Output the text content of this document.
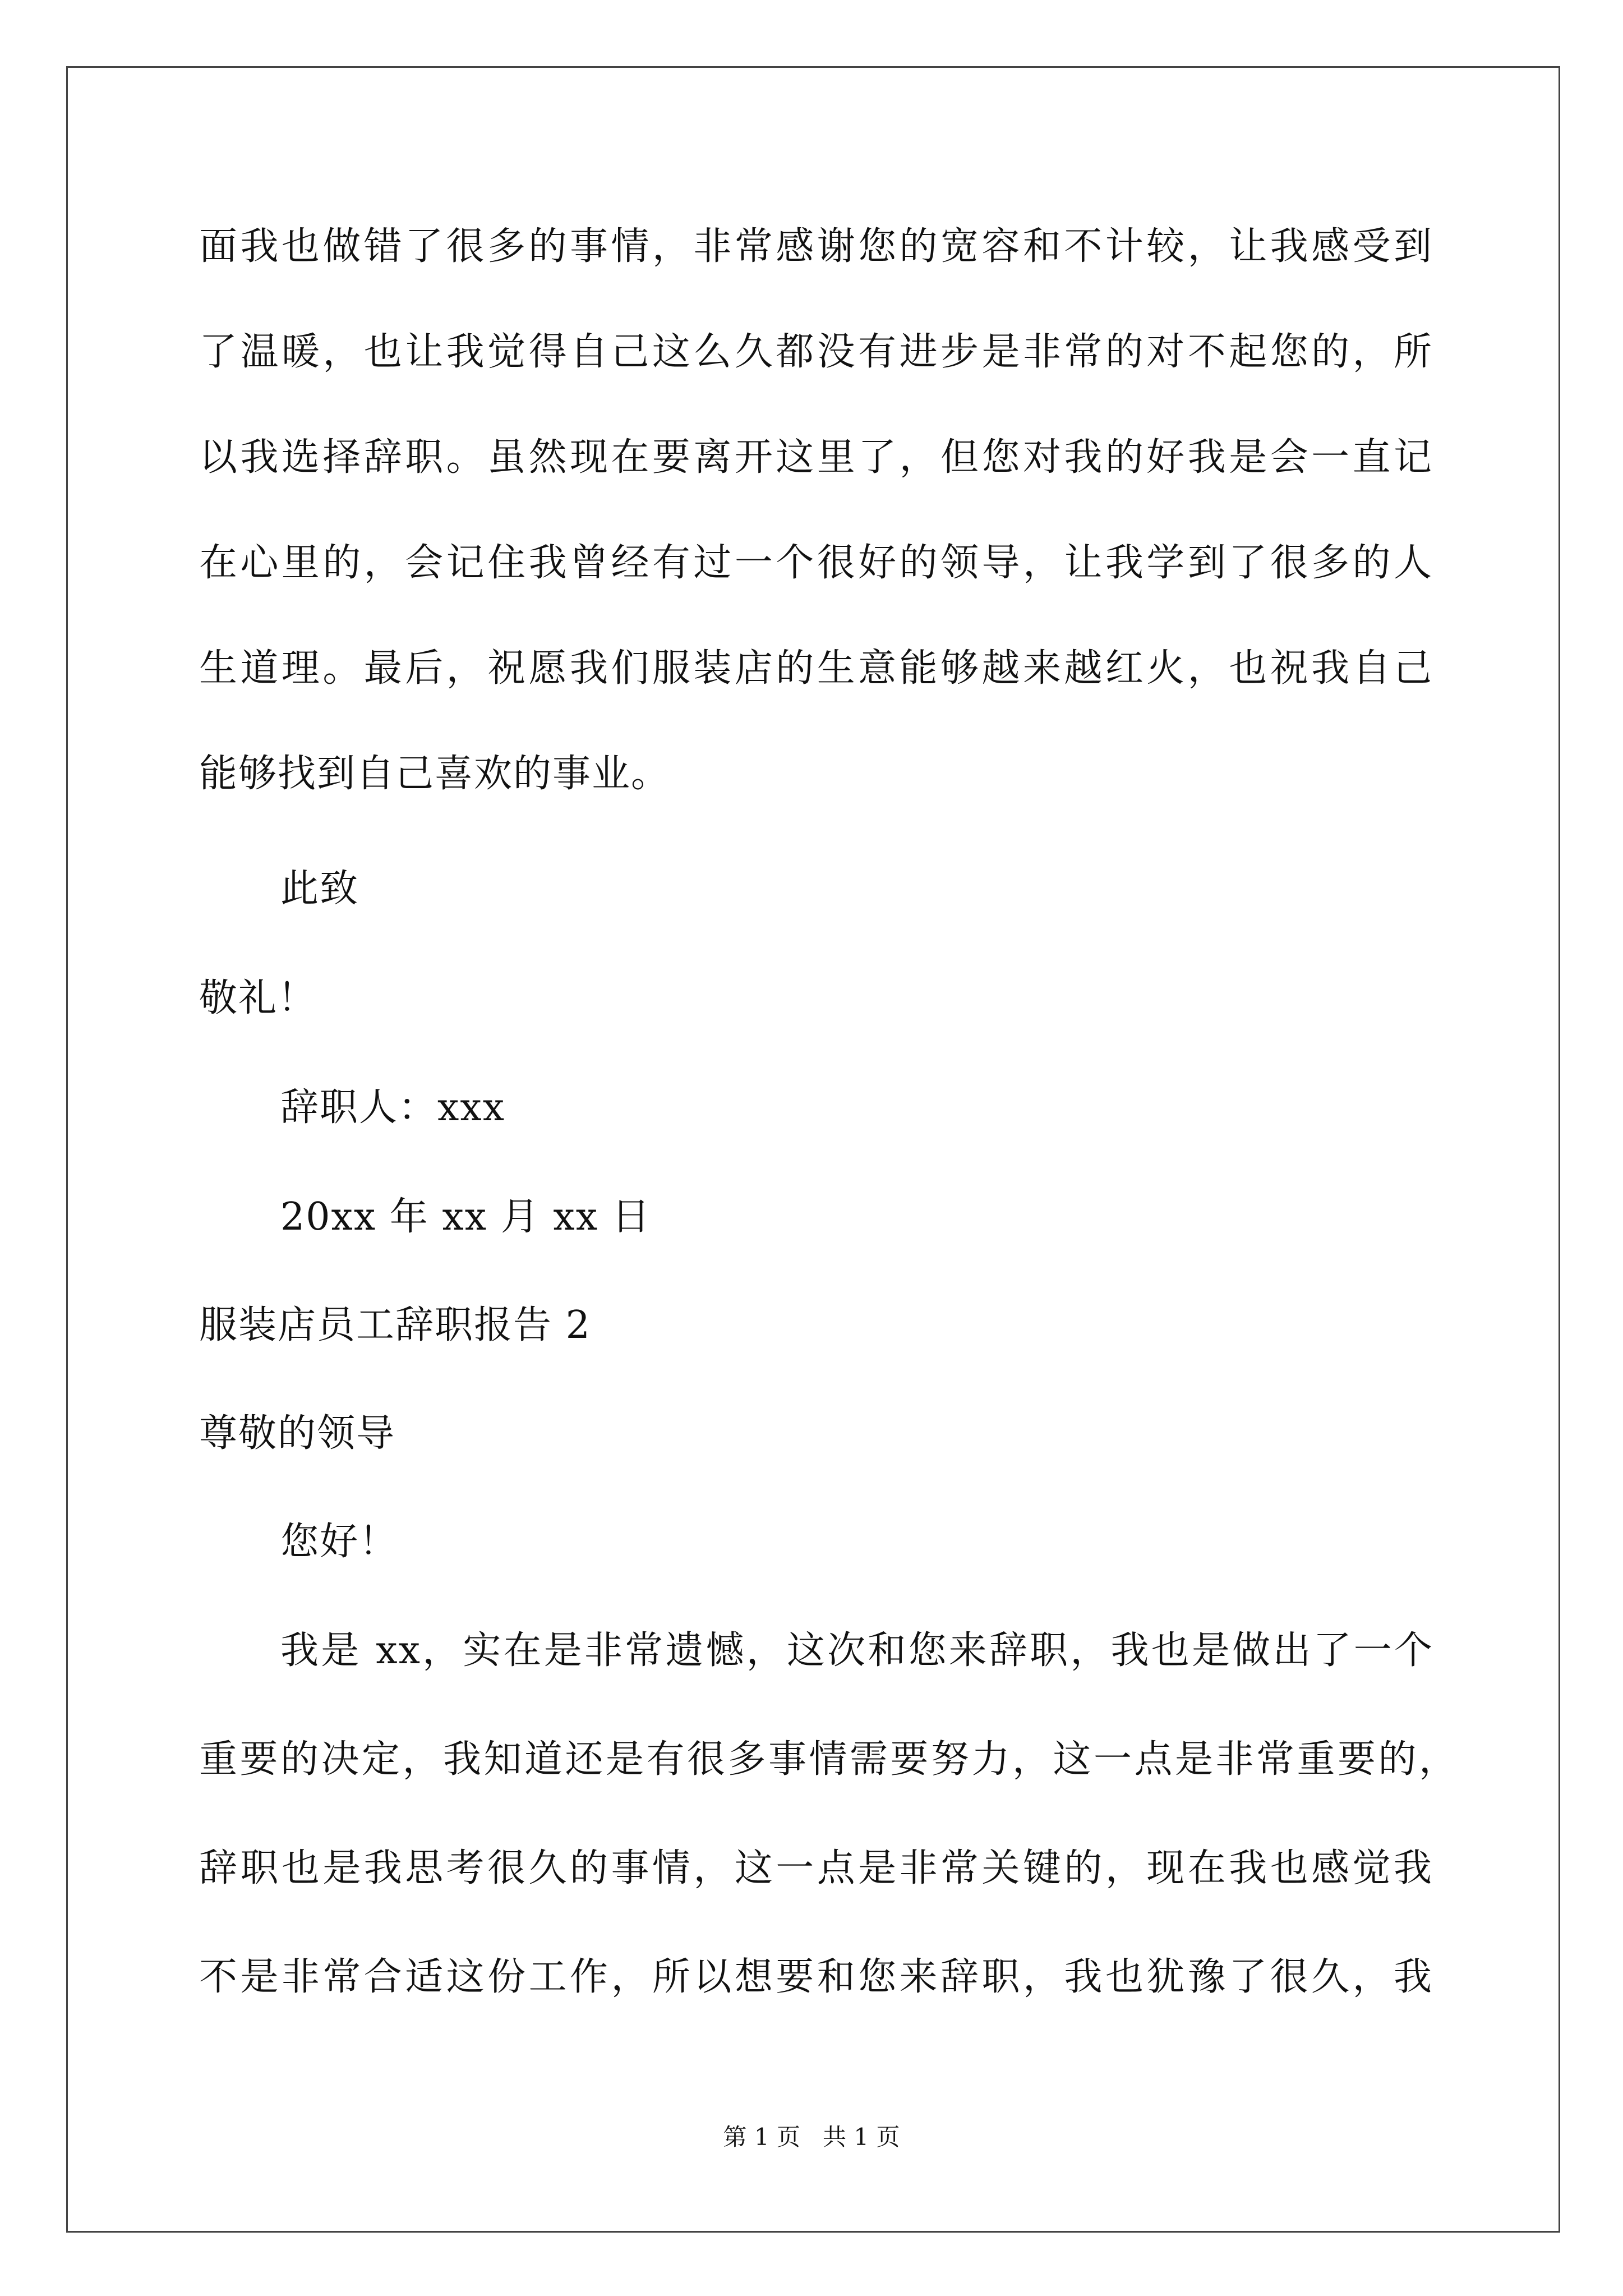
面我也做错了很多的事情，非常感谢您的宽容和不计较，让我感受到
了温暖，也让我觉得自己这么久都没有进步是非常的对不起您的，所
以我选择辞职。虽然现在要离开这里了，但您对我的好我是会一直记
在心里的，会记住我曾经有过一个很好的领导，让我学到了很多的人
生道理。最后，祝愿我们服装店的生意能够越来越红火，也祝我自己
能够找到自己喜欢的事业。
此致
敬礼！
辞职人：xxx
20xx 年 xx 月 xx 日
服装店员工辞职报告 2
尊敬的领导
您好！
我是 xx，实在是非常遗憾，这次和您来辞职，我也是做出了一个
重要的决定，我知道还是有很多事情需要努力，这一点是非常重要的，
辞职也是我思考很久的事情，这一点是非常关键的，现在我也感觉我
不是非常合适这份工作，所以想要和您来辞职，我也犹豫了很久，我
第 1 页   共 1 页
